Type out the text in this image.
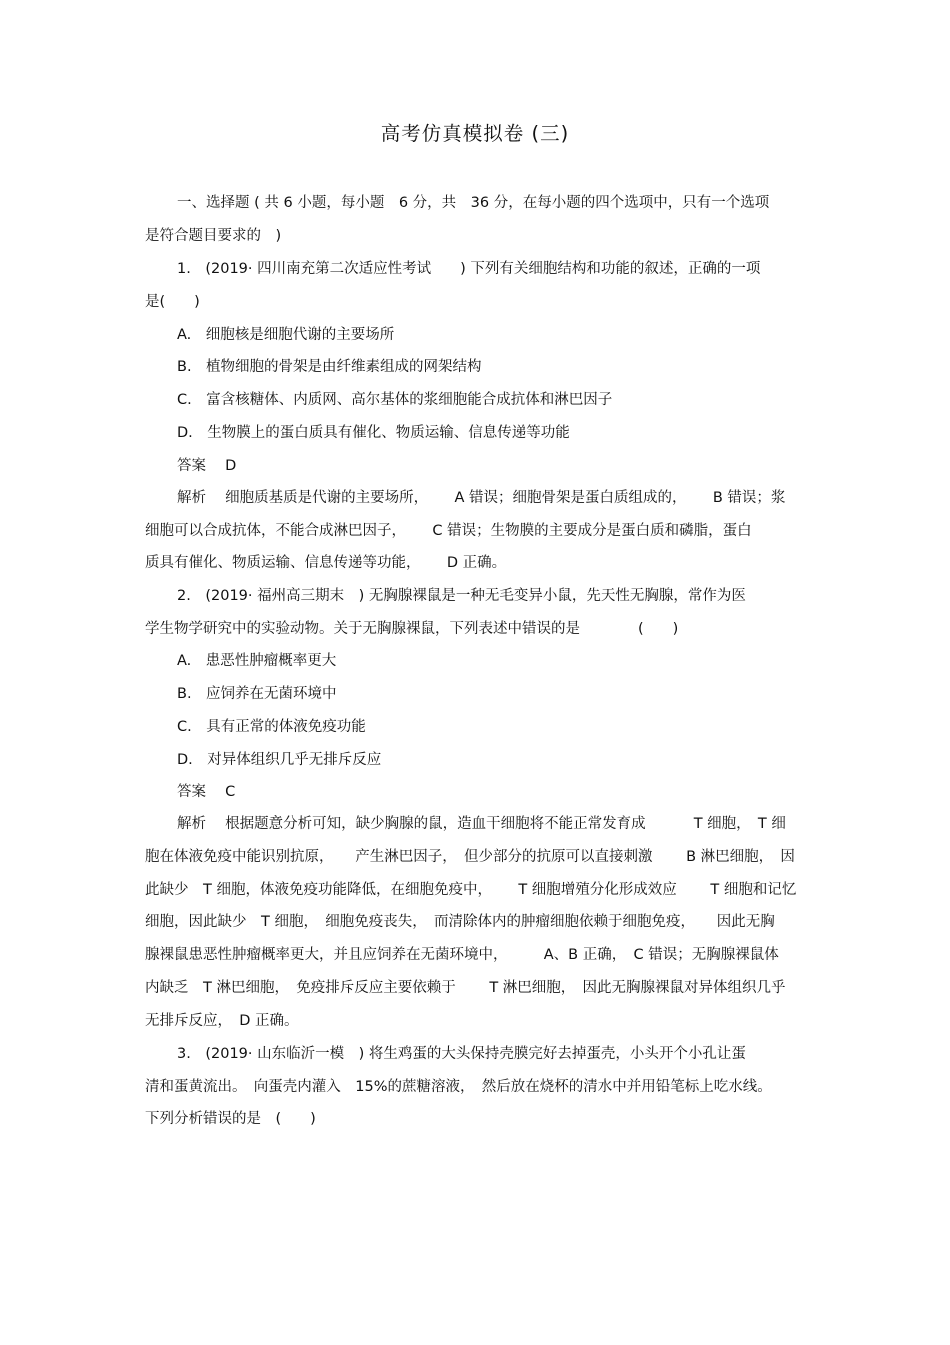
高考仿真模拟卷 (三)
一、选择题 ( 共 6 小题，每小题　6 分，共　36 分，在每小题的四个选项中，只有一个选项
是符合题目要求的　)
1.　(2019· 四川南充第二次适应性考试　　) 下列有关细胞结构和功能的叙述，正确的一项
是(　　)
A.　细胞核是细胞代谢的主要场所
B.　植物细胞的骨架是由纤维素组成的网架结构
C.　富含核糖体、内质网、高尔基体的浆细胞能合成抗体和淋巴因子
D.　生物膜上的蛋白质具有催化、物质运输、信息传递等功能
答案　 D
解析　 细胞质基质是代谢的主要场所，　　 A 错误；细胞骨架是蛋白质组成的，　　 B 错误；浆
细胞可以合成抗体，不能合成淋巴因子，　　 C 错误；生物膜的主要成分是蛋白质和磷脂，蛋白
质具有催化、物质运输、信息传递等功能，　　 D 正确。
2.　(2019· 福州高三期末　) 无胸腺裸鼠是一种无毛变异小鼠，先天性无胸腺，常作为医
学生物学研究中的实验动物。关于无胸腺裸鼠，下列表述中错误的是　　　　(　　)
A.　患恶性肿瘤概率更大
B.　应饲养在无菌环境中
C.　具有正常的体液免疫功能
D.　对异体组织几乎无排斥反应
答案　 C
解析　 根据题意分析可知，缺少胸腺的鼠，造血干细胞将不能正常发育成　　　 T 细胞，　T 细
胞在体液免疫中能识别抗原，　　产生淋巴因子，　但少部分的抗原可以直接刺激　　 B 淋巴细胞，　因
此缺少　T 细胞，体液免疫功能降低，在细胞免疫中，　　 T 细胞增殖分化形成效应　　 T 细胞和记忆
细胞，因此缺少　T 细胞，　细胞免疫丧失，　而清除体内的肿瘤细胞依赖于细胞免疫，　　因此无胸
腺裸鼠患恶性肿瘤概率更大，并且应饲养在无菌环境中，　　　A、B 正确，　C 错误；无胸腺裸鼠体
内缺乏　T 淋巴细胞，　免疫排斥反应主要依赖于　　 T 淋巴细胞，　因此无胸腺裸鼠对异体组织几乎
无排斥反应，　D 正确。
3.　(2019· 山东临沂一模　) 将生鸡蛋的大头保持壳膜完好去掉蛋壳，小头开个小孔让蛋
清和蛋黄流出。　向蛋壳内灌入　15%的蔗糖溶液，　然后放在烧杯的清水中并用铅笔标上吃水线。
下列分析错误的是　(　　)
